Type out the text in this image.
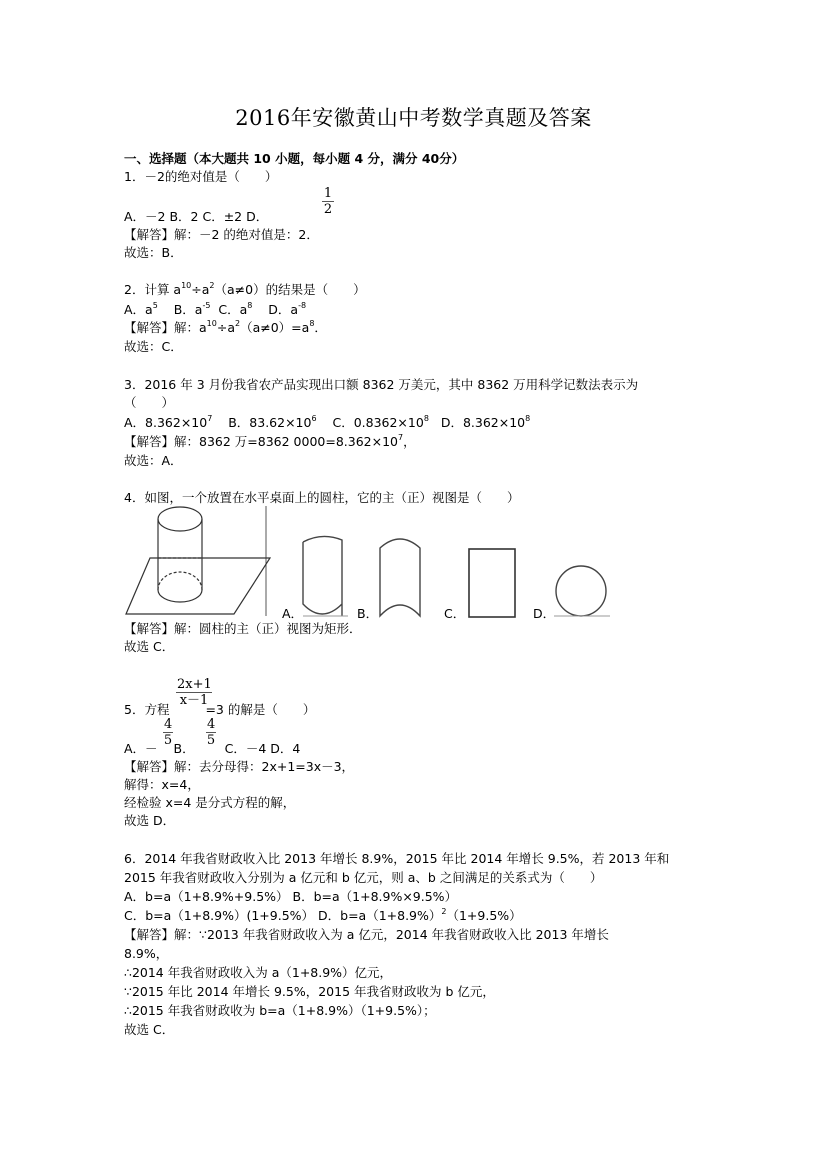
2016年安徽黄山中考数学真题及答案
一、选择题（本大题共 10 小题，每小题 4 分，满分 40分）
1．－2的绝对值是（　　）
$\frac{1}{2}$
A．－2 B．2 C．±2 D．
【解答】解：－2 的绝对值是：2．
故选：B．
2．计算 $a^{10}\div a^2(a\ne 0)$的结果是（　　）
A．$a^5$ B．$a^{-5}$ C．$a^8$ D．$a^{-8}$
【解答】解：$a^{10}\div a^2(a\ne 0)=a^8$．
故选：C．
3．2016 年 3 月份我省农产品实现出口额 8362 万美元，其中 8362 万用科学记数法表示为
（　　）
A．$8.362\times 10^7$ B．$83.62\times 10^6$ C．$0.8362\times 10^8$ D．$8.362\times 10^8$
【解答】解：8362 万=8362 $0000=8.362\times 10^7$，
故选：A．
4．如图，一个放置在水平桌面上的圆柱，它的主（正）视图是（　　）
A．	B．	C．	D．
【解答】解：圆柱的主（正）视图为矩形．
故选 C．
$\frac{2x+1}{x-1}$
5．方程	=3 的解是（　　）
$\frac{4}{5}$	$\frac{4}{5}$
A．－ B． C．－4 D．4
【解答】解：去分母得：2x+1=3x－3，
解得：x=4，
经检验 x=4 是分式方程的解，
故选 D．
6．2014 年我省财政收入比 2013 年增长 8.9%，2015 年比 2014 年增长 9.5%，若 2013 年和
2015 年我省财政收入分别为 a 亿元和 b 亿元，则 a、b 之间满足的关系式为（　　）
A．b=a（1+8.9%+9.5%） B．b=a（1+8.9%×9.5%）
C．b=a（1+8.9%）(1+9.5%） D．$b=a(1+8.9\%)^2(1+9.5\%)$
【解答】解：∵2013 年我省财政收入为 a 亿元，2014 年我省财政收入比 2013 年增长
8.9%，
∴2014 年我省财政收入为 a（1+8.9%）亿元，
∵2015 年比 2014 年增长 9.5%，2015 年我省财政收为 b 亿元，
∴2015 年我省财政收为 b=a（1+8.9%）（1+9.5%）；
故选 C．
